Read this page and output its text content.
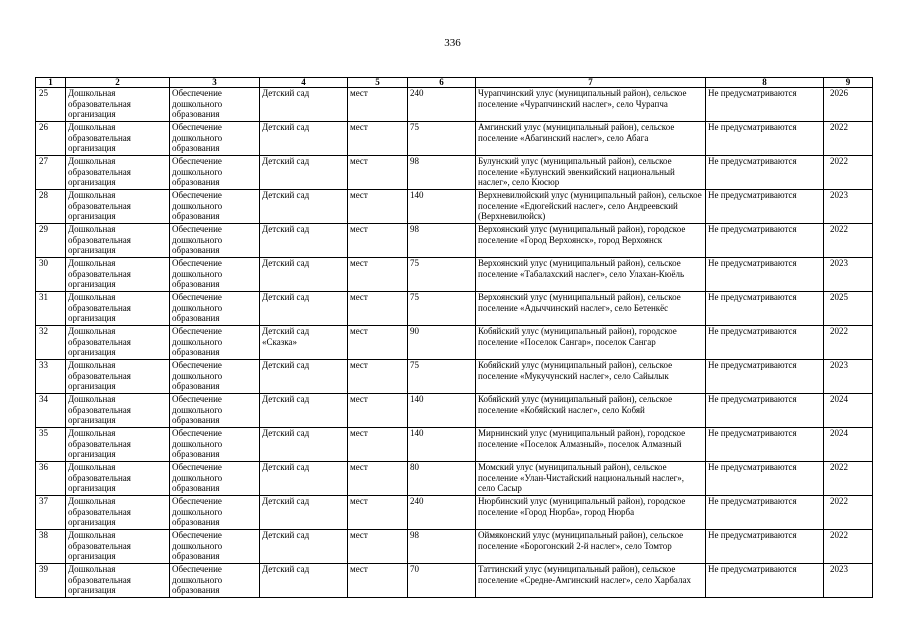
336
1	2	3	4	5	6	7	8	9
25	Дошкольная образовательная организация	Обеспечение дошкольного образования	Детский сад	мест	240	Чурапчинский улус (муниципальный район), сельское поселение «Чурапчинский наслег», село Чурапча	Не предусматриваются	2026
26	Дошкольная образовательная организация	Обеспечение дошкольного образования	Детский сад	мест	75	Амгинский улус (муниципальный район), сельское поселение «Абагинский наслег», село Абага	Не предусматриваются	2022
27	Дошкольная образовательная организация	Обеспечение дошкольного образования	Детский сад	мест	98	Булунский улус (муниципальный район), сельское поселение «Булунский эвенкийский национальный наслег», село Кюсюр	Не предусматриваются	2022
28	Дошкольная образовательная организация	Обеспечение дошкольного образования	Детский сад	мест	140	Верхневилюйский улус (муниципальный район), сельское поселение «Едюгейский наслег», село Андреевский (Верхневилюйск)	Не предусматриваются	2023
29	Дошкольная образовательная организация	Обеспечение дошкольного образования	Детский сад	мест	98	Верхоянский улус (муниципальный район), городское поселение «Город Верхоянск», город Верхоянск	Не предусматриваются	2022
30	Дошкольная образовательная организация	Обеспечение дошкольного образования	Детский сад	мест	75	Верхоянский улус (муниципальный район), сельское поселение «Табалахский наслег», село Улахан-Кюёль	Не предусматриваются	2023
31	Дошкольная образовательная организация	Обеспечение дошкольного образования	Детский сад	мест	75	Верхоянский улус (муниципальный район), сельское поселение «Адыччинский наслег», село Бетенкёс	Не предусматриваются	2025
32	Дошкольная образовательная организация	Обеспечение дошкольного образования	Детский сад «Сказка»	мест	90	Кобяйский улус (муниципальный район), городское поселение «Поселок Сангар», поселок Сангар	Не предусматриваются	2022
33	Дошкольная образовательная организация	Обеспечение дошкольного образования	Детский сад	мест	75	Кобяйский улус (муниципальный район), сельское поселение «Мукучунский наслег», село Сайылык	Не предусматриваются	2023
34	Дошкольная образовательная организация	Обеспечение дошкольного образования	Детский сад	мест	140	Кобяйский улус (муниципальный район), сельское поселение «Кобяйский наслег», село Кобяй	Не предусматриваются	2024
35	Дошкольная образовательная организация	Обеспечение дошкольного образования	Детский сад	мест	140	Мирнинский улус (муниципальный район), городское поселение «Поселок Алмазный», поселок Алмазный	Не предусматриваются	2024
36	Дошкольная образовательная организация	Обеспечение дошкольного образования	Детский сад	мест	80	Момский улус (муниципальный район), сельское поселение «Улан-Чистайский национальный наслег», село Сасыр	Не предусматриваются	2022
37	Дошкольная образовательная организация	Обеспечение дошкольного образования	Детский сад	мест	240	Нюрбинский улус (муниципальный район), городское поселение «Город Нюрба», город Нюрба	Не предусматриваются	2022
38	Дошкольная образовательная организация	Обеспечение дошкольного образования	Детский сад	мест	98	Оймяконский улус (муниципальный район), сельское поселение «Борогонский 2-й наслег», село Томтор	Не предусматриваются	2022
39	Дошкольная образовательная организация	Обеспечение дошкольного образования	Детский сад	мест	70	Таттинский улус (муниципальный район), сельское поселение «Средне-Амгинский наслег», село Харбалах	Не предусматриваются	2023
